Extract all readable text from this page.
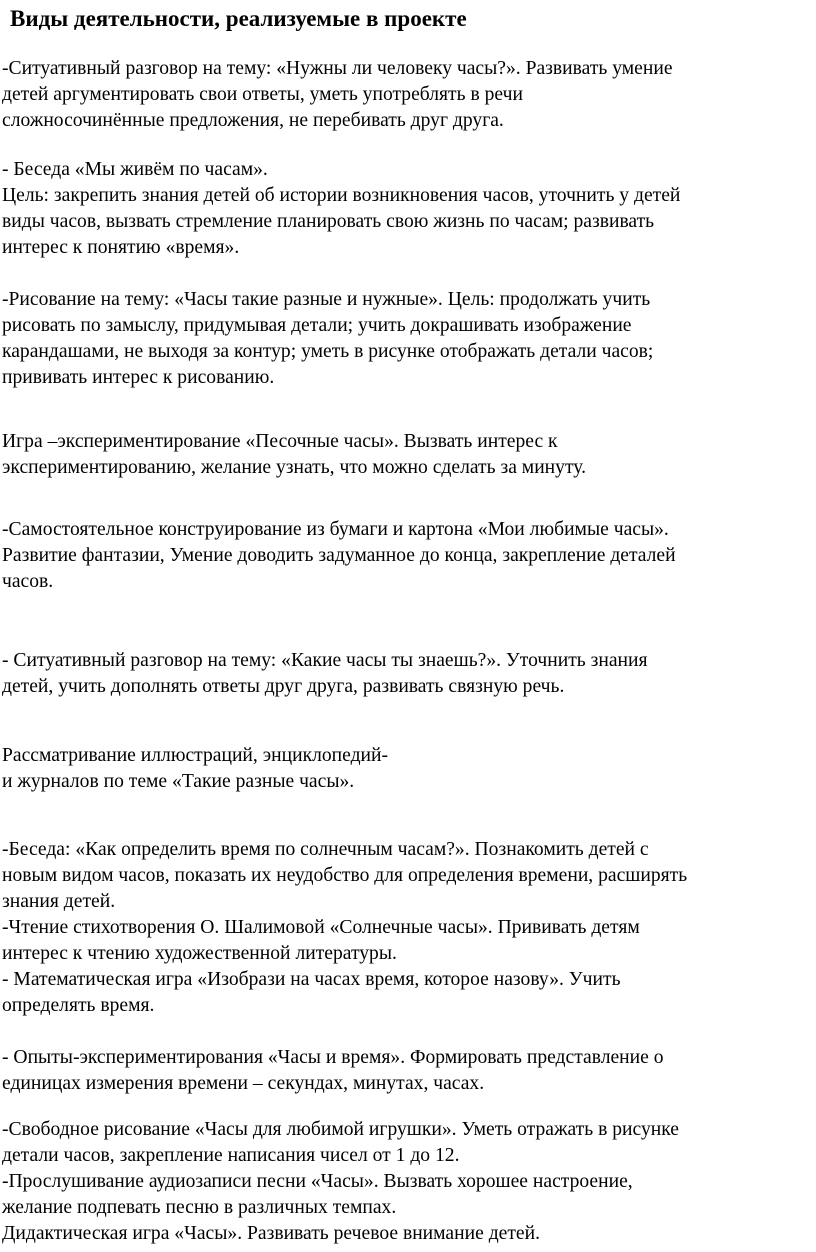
Виды деятельности, реализуемые в проекте
-Ситуативный разговор на тему: «Нужны ли человеку часы?». Развивать умение
детей аргументировать свои ответы, уметь употреблять в речи
сложносочинённые предложения, не перебивать друг друга.
- Беседа «Мы живём по часам».
Цель: закрепить знания детей об истории возникновения часов, уточнить у детей
виды часов, вызвать стремление планировать свою жизнь по часам; развивать
интерес к понятию «время».
-Рисование на тему: «Часы такие разные и нужные». Цель: продолжать учить
рисовать по замыслу, придумывая детали; учить докрашивать изображение
карандашами, не выходя за контур; уметь в рисунке отображать детали часов;
прививать интерес к рисованию.
Игра –экспериментирование «Песочные часы». Вызвать интерес к
экспериментированию, желание узнать, что можно сделать за минуту.
-Самостоятельное конструирование из бумаги и картона «Мои любимые часы».
Развитие фантазии, Умение доводить задуманное до конца, закрепление деталей
часов.
- Ситуативный разговор на тему: «Какие часы ты знаешь?». Уточнить знания
детей, учить дополнять ответы друг друга, развивать связную речь.
Рассматривание иллюстраций, энциклопедий-
и журналов по теме «Такие разные часы».
-Беседа: «Как определить время по солнечным часам?». Познакомить детей с
новым видом часов, показать их неудобство для определения времени, расширять
знания детей.
-Чтение стихотворения О. Шалимовой «Солнечные часы». Прививать детям
интерес к чтению художественной литературы.
- Математическая игра «Изобрази на часах время, которое назову». Учить
определять время.
- Опыты-экспериментирования «Часы и время». Формировать представление о
единицах измерения времени – секундах, минутах, часах.
-Свободное рисование «Часы для любимой игрушки». Уметь отражать в рисунке
детали часов, закрепление написания чисел от 1 до 12.
-Прослушивание аудиозаписи песни «Часы». Вызвать хорошее настроение,
желание подпевать песню в различных темпах.
Дидактическая игра «Часы». Развивать речевое внимание детей.
